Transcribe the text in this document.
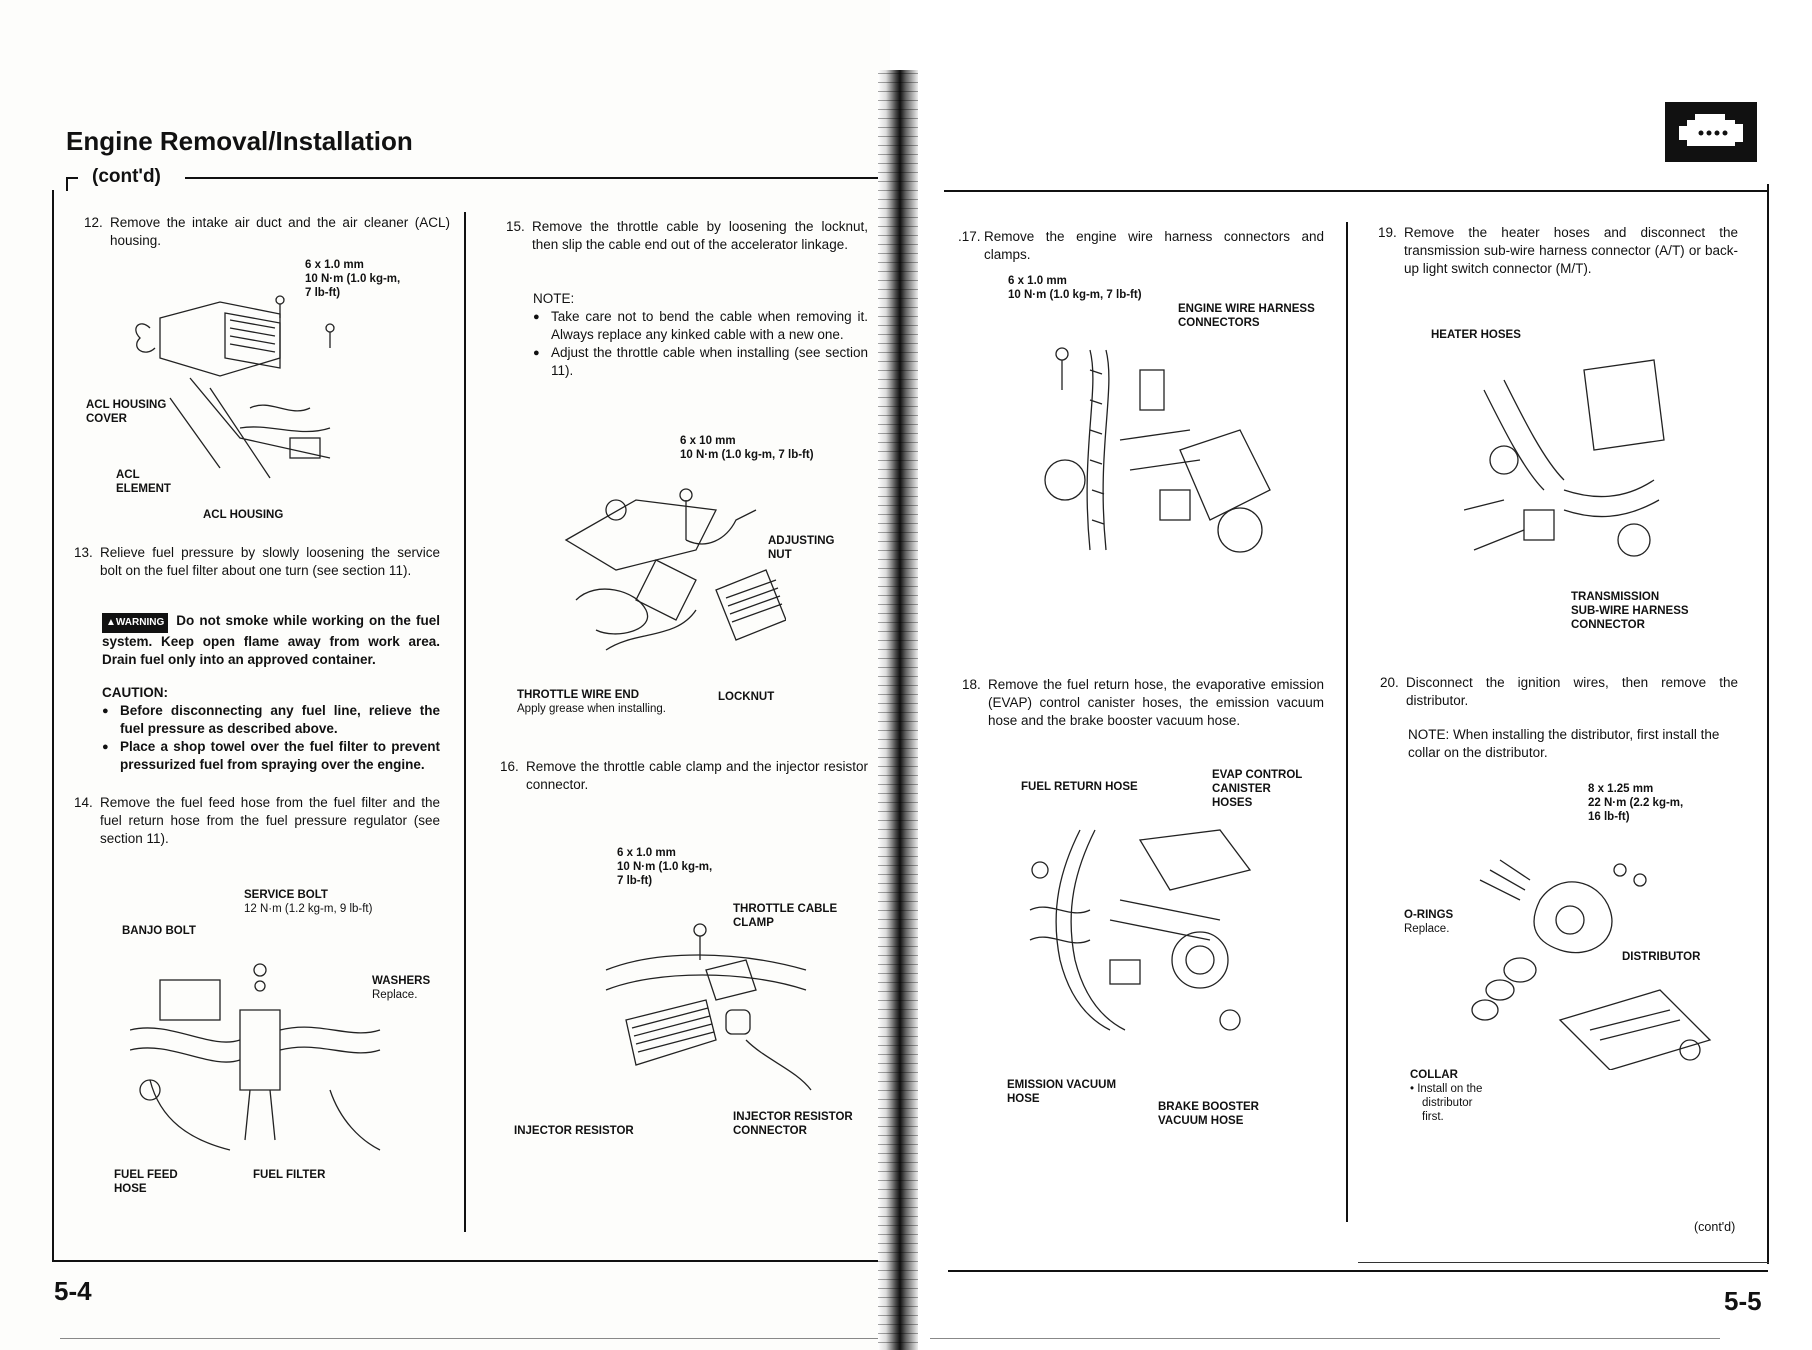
Engine Removal/Installation
(cont'd)
12. Remove the intake air duct and the air cleaner (ACL) housing.
6 x 1.0 mm
10 N·m (1.0 kg-m,
7 lb-ft)
ACL HOUSING
COVER
ACL
ELEMENT
ACL HOUSING
13. Relieve fuel pressure by slowly loosening the service bolt on the fuel filter about one turn (see section 11).
▲WARNING Do not smoke while working on the fuel system. Keep open flame away from work area. Drain fuel only into an approved container.
CAUTION:
● Before disconnecting any fuel line, relieve the fuel pressure as described above.
● Place a shop towel over the fuel filter to prevent pressurized fuel from spraying over the engine.
14. Remove the fuel feed hose from the fuel filter and the fuel return hose from the fuel pressure regulator (see section 11).
SERVICE BOLT
12 N·m (1.2 kg-m, 9 lb-ft)
BANJO BOLT
WASHERS
Replace.
FUEL FEED
HOSE
FUEL FILTER
15. Remove the throttle cable by loosening the locknut, then slip the cable end out of the accelerator linkage.
NOTE:
● Take care not to bend the cable when removing it. Always replace any kinked cable with a new one.
● Adjust the throttle cable when installing (see section 11).
6 x 10 mm
10 N·m (1.0 kg-m, 7 lb-ft)
ADJUSTING
NUT
THROTTLE WIRE END
Apply grease when installing.
LOCKNUT
16. Remove the throttle cable clamp and the injector resistor connector.
6 x 1.0 mm
10 N·m (1.0 kg-m,
7 lb-ft)
THROTTLE CABLE
CLAMP
INJECTOR RESISTOR
INJECTOR RESISTOR
CONNECTOR
5-4
.17. Remove the engine wire harness connectors and clamps.
6 x 1.0 mm
10 N·m (1.0 kg-m, 7 lb-ft)
ENGINE WIRE HARNESS
CONNECTORS
18. Remove the fuel return hose, the evaporative emission (EVAP) control canister hoses, the emission vacuum hose and the brake booster vacuum hose.
FUEL RETURN HOSE
EVAP CONTROL
CANISTER
HOSES
EMISSION VACUUM
HOSE
BRAKE BOOSTER
VACUUM HOSE
19. Remove the heater hoses and disconnect the transmission sub-wire harness connector (A/T) or back-up light switch connector (M/T).
HEATER HOSES
TRANSMISSION
SUB-WIRE HARNESS
CONNECTOR
20. Disconnect the ignition wires, then remove the distributor.
NOTE: When installing the distributor, first install the collar on the distributor.
8 x 1.25 mm
22 N·m (2.2 kg-m,
16 lb-ft)
O-RINGS
Replace.
DISTRIBUTOR
COLLAR
• Install on the
distributor
first.
(cont'd)
5-5
